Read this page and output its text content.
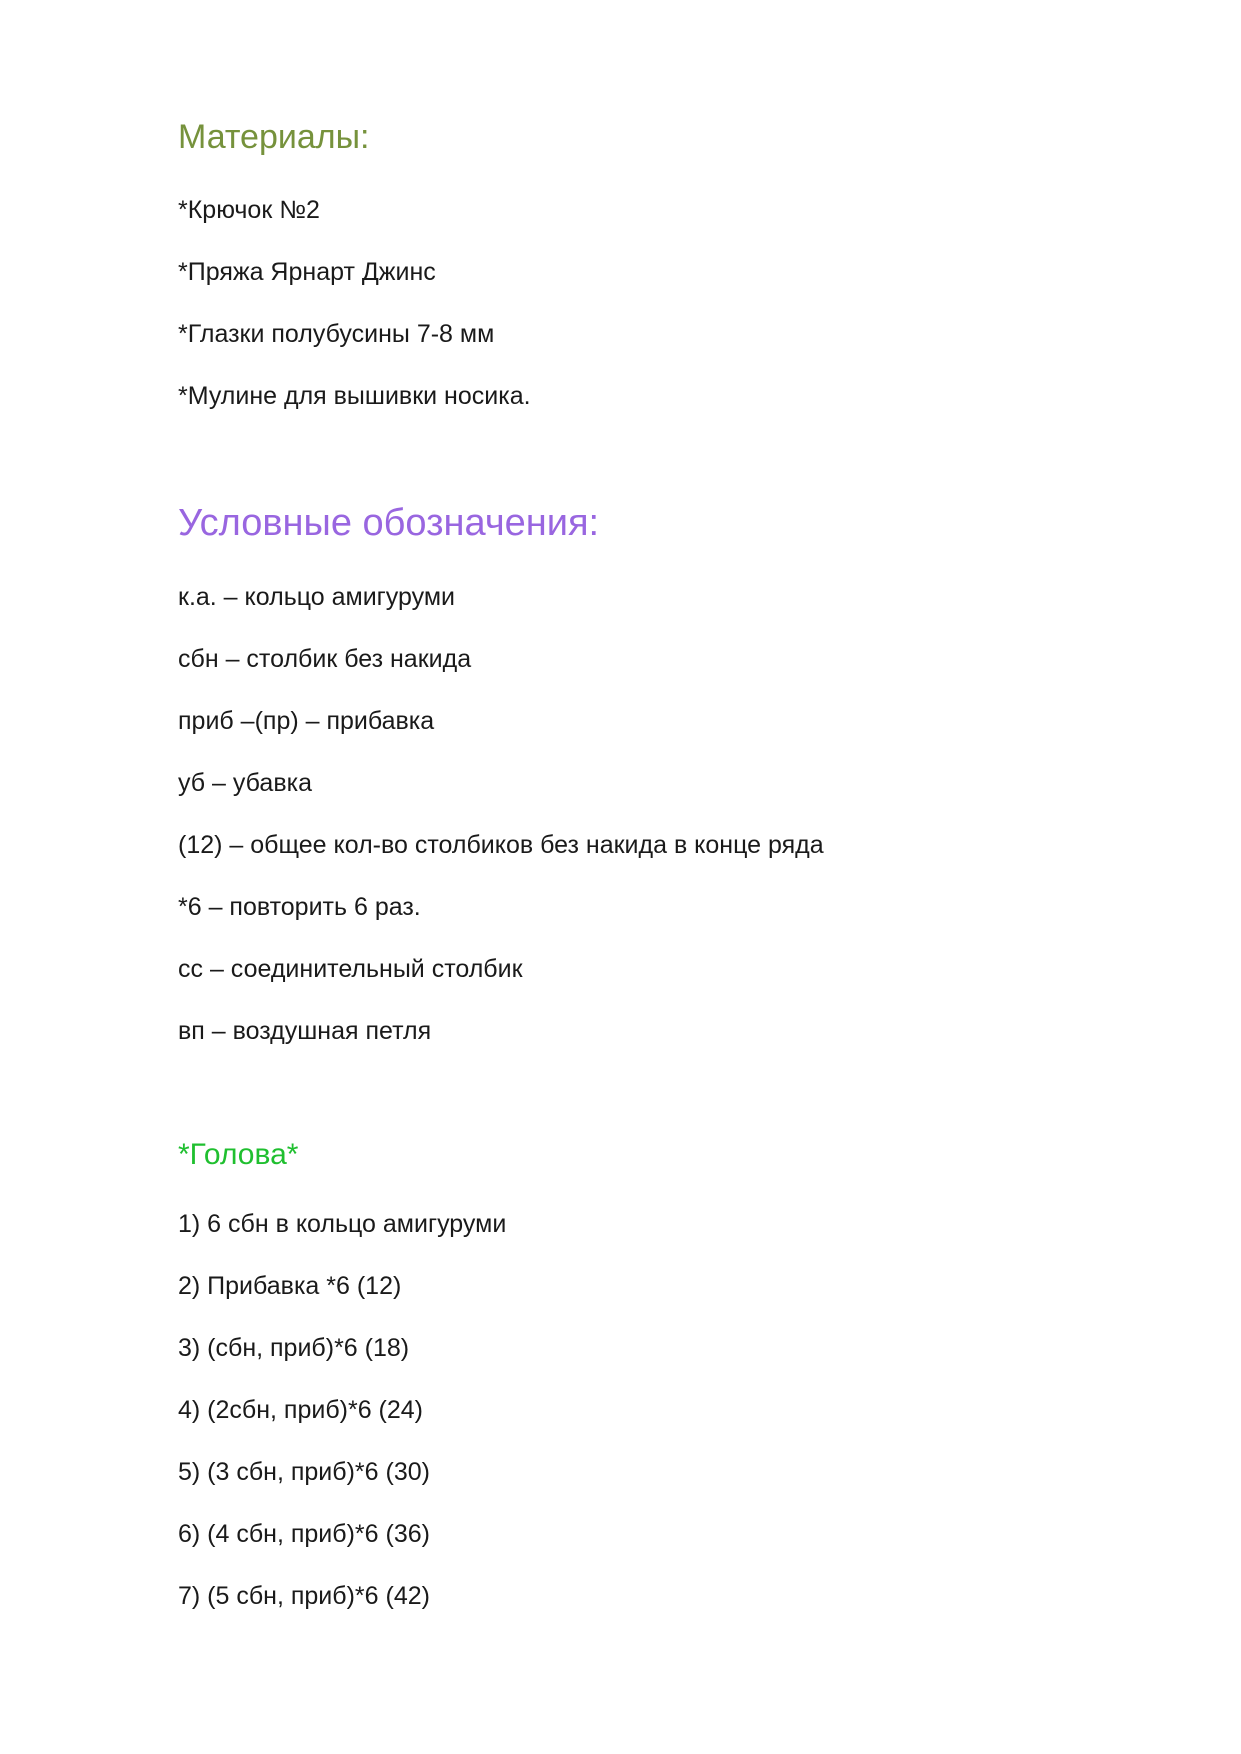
Материалы:
*Крючок №2
*Пряжа Ярнарт Джинс
*Глазки полубусины 7-8 мм
*Мулине для вышивки носика.
Условные обозначения:
к.а. – кольцо амигуруми
сбн – столбик без накида
приб –(пр) – прибавка
уб – убавка
(12) – общее кол-во столбиков без накида в конце ряда
*6 – повторить 6 раз.
сс – соединительный столбик
вп – воздушная петля
*Голова*
1) 6 сбн в кольцо амигуруми
2) Прибавка *6 (12)
3) (сбн, приб)*6 (18)
4) (2сбн, приб)*6 (24)
5) (3 сбн, приб)*6 (30)
6) (4 сбн, приб)*6 (36)
7) (5 сбн, приб)*6 (42)
